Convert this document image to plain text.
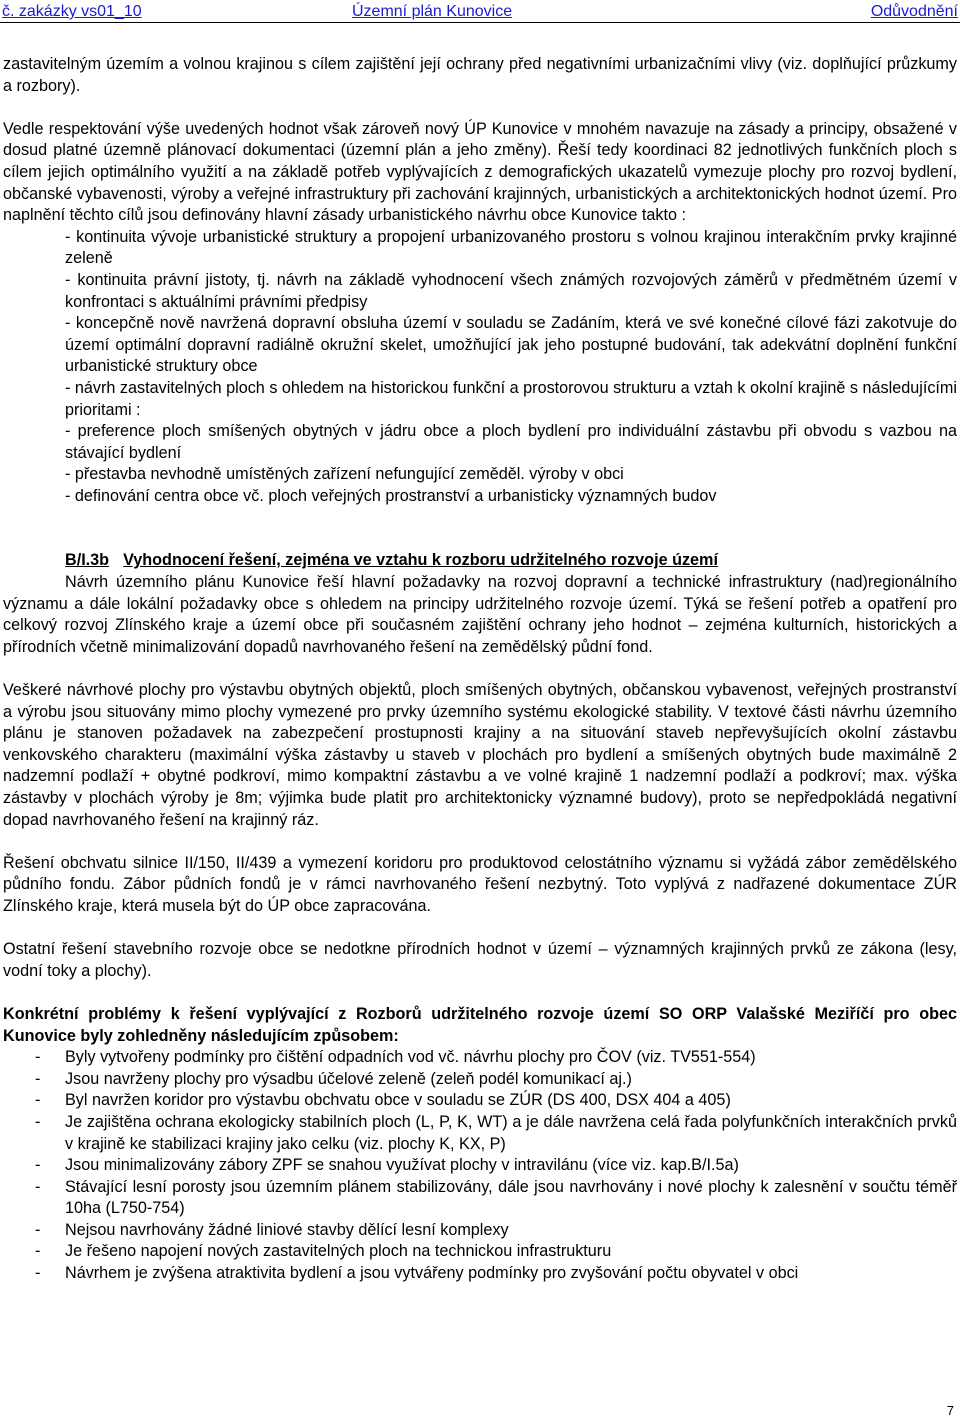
č. zakázky vs01_10	Územní plán Kunovice	Odůvodnění

zastavitelným územím a volnou krajinou s cílem zajištění její ochrany před negativními urbanizačními vlivy (viz. doplňující průzkumy a rozbory).

Vedle respektování výše uvedených hodnot však zároveň nový ÚP Kunovice v mnohém navazuje na zásady a principy, obsažené v dosud platné územně plánovací dokumentaci (územní plán a jeho změny). Řeší tedy koordinaci 82 jednotlivých funkčních ploch s cílem jejich optimálního využití a na základě potřeb vyplývajících z demografických ukazatelů vymezuje plochy pro rozvoj bydlení, občanské vybavenosti, výroby a veřejné infrastruktury při zachování krajinných, urbanistických a architektonických hodnot území. Pro naplnění těchto cílů jsou definovány hlavní zásady urbanistického návrhu obce Kunovice takto :

- kontinuita vývoje urbanistické struktury a propojení urbanizovaného prostoru s volnou krajinou interakčním prvky krajinné zeleně

- kontinuita právní jistoty, tj. návrh na základě vyhodnocení všech známých rozvojových záměrů v předmětném území v konfrontaci s aktuálními právními předpisy

- koncepčně nově navržená dopravní obsluha území v souladu se Zadáním, která ve své konečné cílové fázi zakotvuje do území optimální dopravní radiálně okružní skelet, umožňující jak jeho postupné budování, tak adekvátní doplnění funkční urbanistické struktury obce

- návrh zastavitelných ploch s ohledem na historickou funkční a prostorovou strukturu a vztah k okolní krajině s následujícími prioritami :

- preference ploch smíšených obytných v jádru obce a ploch bydlení pro individuální zástavbu při obvodu s vazbou na stávající bydlení

- přestavba nevhodně umístěných zařízení nefungující zeměděl. výroby v obci

- definování centra obce vč. ploch veřejných prostranství a urbanisticky významných budov

B/I.3b Vyhodnocení řešení, zejména ve vztahu k rozboru udržitelného rozvoje území

Návrh územního plánu Kunovice řeší hlavní požadavky na rozvoj dopravní a technické infrastruktury (nad)regionálního významu a dále lokální požadavky obce s ohledem na principy udržitelného rozvoje území. Týká se řešení potřeb a opatření pro celkový rozvoj Zlínského kraje a území obce při současném zajištění ochrany jeho hodnot – zejména kulturních, historických a přírodních včetně minimalizování dopadů navrhovaného řešení na zemědělský půdní fond.

Veškeré návrhové plochy pro výstavbu obytných objektů, ploch smíšených obytných, občanskou vybavenost, veřejných prostranství a výrobu jsou situovány mimo plochy vymezené pro prvky územního systému ekologické stability. V textové části návrhu územního plánu je stanoven požadavek na zabezpečení prostupnosti krajiny a na situování staveb nepřevyšujících okolní zástavbu venkovského charakteru (maximální výška zástavby u staveb v plochách pro bydlení a smíšených obytných bude maximálně 2 nadzemní podlaží + obytné podkroví, mimo kompaktní zástavbu a ve volné krajině 1 nadzemní podlaží a podkroví; max. výška zástavby v plochách výroby je 8m; výjimka bude platit pro architektonicky významné budovy), proto se nepředpokládá negativní dopad navrhovaného řešení na krajinný ráz.

Řešení obchvatu silnice II/150, II/439 a vymezení koridoru pro produktovod celostátního významu si vyžádá zábor zemědělského půdního fondu. Zábor půdních fondů je v rámci navrhovaného řešení nezbytný. Toto vyplývá z nadřazené dokumentace ZÚR Zlínského kraje, která musela být do ÚP obce zapracována.

Ostatní řešení stavebního rozvoje obce se nedotkne přírodních hodnot v území – významných krajinných prvků ze zákona (lesy, vodní toky a plochy).

Konkrétní problémy k řešení vyplývající z Rozborů udržitelného rozvoje území SO ORP Valašské Meziříčí pro obec Kunovice byly zohledněny následujícím způsobem:

- Byly vytvořeny podmínky pro čištění odpadních vod vč. návrhu plochy pro ČOV (viz. TV551-554)
- Jsou navrženy plochy pro výsadbu účelové zeleně (zeleň podél komunikací aj.)
- Byl navržen koridor pro výstavbu obchvatu obce v souladu se ZÚR (DS 400, DSX 404 a 405)
- Je zajištěna ochrana ekologicky stabilních ploch (L, P, K, WT) a je dále navržena celá řada polyfunkčních interakčních prvků v krajině ke stabilizaci krajiny jako celku (viz. plochy K, KX, P)
- Jsou minimalizovány zábory ZPF se snahou využívat plochy v intravilánu (více viz. kap.B/I.5a)
- Stávající lesní porosty jsou územním plánem stabilizovány, dále jsou navrhovány i nové plochy k zalesnění v součtu téměř 10ha (L750-754)
- Nejsou navrhovány žádné liniové stavby dělící lesní komplexy
- Je řešeno napojení nových zastavitelných ploch na technickou infrastrukturu
- Návrhem je zvýšena atraktivita bydlení a jsou vytvářeny podmínky pro zvyšování počtu obyvatel v obci
7
